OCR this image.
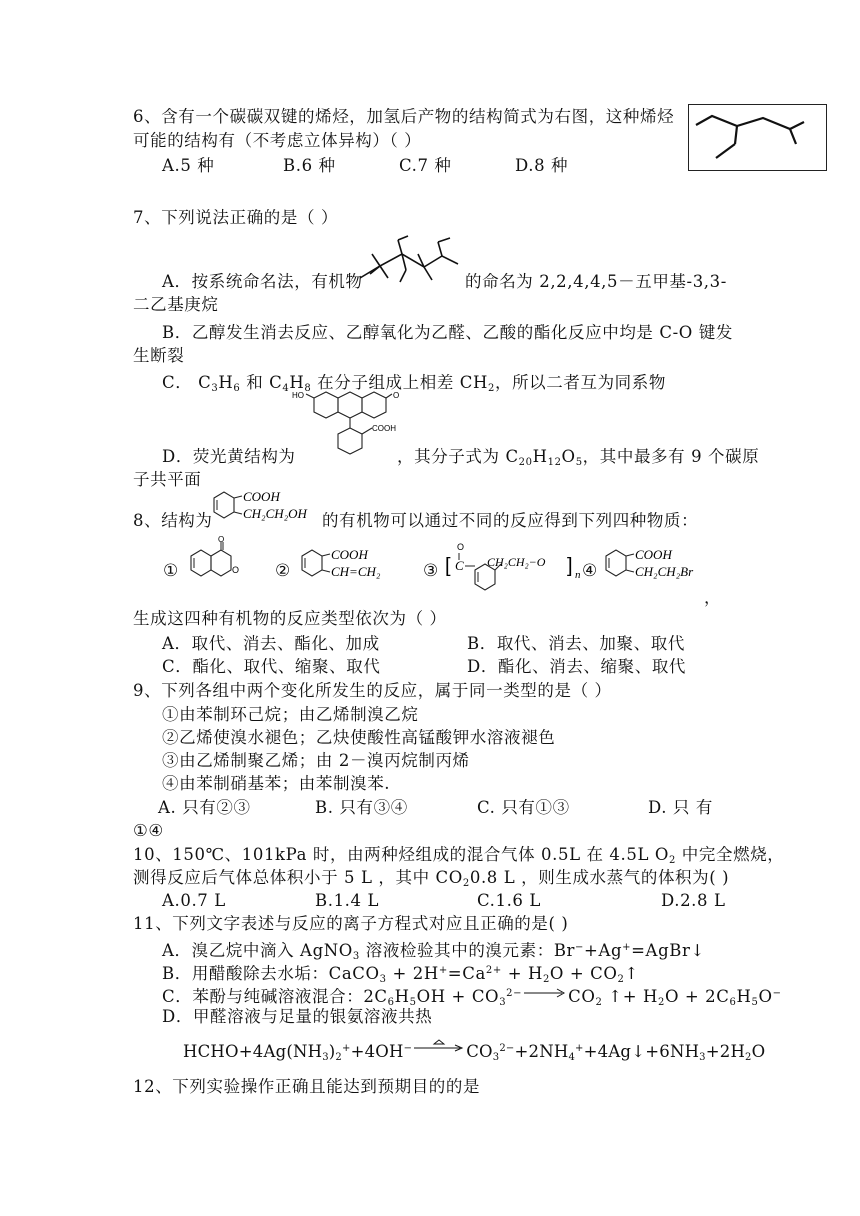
6、含有一个碳碳双键的烯烃，加氢后产物的结构简式为右图，这种烯烃
可能的结构有（不考虑立体异构）（ ）
A.5 种	B.6 种	C.7 种	D.8 种
7、下列说法正确的是（ ）
A．按系统命名法，有机物	的命名为 2,2,4,4,5－五甲基-3,3-
二乙基庚烷
B．乙醇发生消去反应、乙醇氧化为乙醛、乙酸的酯化反应中均是 C-O 键发
生断裂
C． $C_3H_6$ 和 $C_4H_8$ 在分子组成上相差 $CH_2$，所以二者互为同系物
HO	O
COOH
D．荧光黄结构为	，其分子式为 $C_{20}H_{12}O_5$，其中最多有 9 个碳原
子共平面
8、结构为
COOH
CH₂CH₂OH 的有机物可以通过不同的反应得到下列四种物质：
①
O
O ②
COOH
CH=CH₂	③ [
O
C CH₂CH₂−O ] n ④
COOH
CH₂CH₂Br
，
生成这四种有机物的反应类型依次为（ ）
A．取代、消去、酯化、加成	B．取代、消去、加聚、取代
C．酯化、取代、缩聚、取代	D．酯化、消去、缩聚、取代
9、下列各组中两个变化所发生的反应，属于同一类型的是（ ）
①由苯制环己烷；由乙烯制溴乙烷
②乙烯使溴水褪色；乙炔使酸性高锰酸钾水溶液褪色
③由乙烯制聚乙烯；由 2－溴丙烷制丙烯
④由苯制硝基苯；由苯制溴苯.
A. 只有②③	B. 只有③④	C. 只有①③	D. 只 有
①④
10、150℃、101kPa 时，由两种烃组成的混合气体 0.5L 在 4.5L $O_2$ 中完全燃烧，
测得反应后气体总体积小于 5 L ，其中 $CO_20.8$ L ，则生成水蒸气的体积为( )
A.0.7 L	B.1.4 L	C.1.6 L	D.2.8 L
11、下列文字表述与反应的离子方程式对应且正确的是( )
A．溴乙烷中滴入 AgNO$_3$ 溶液检验其中的溴元素：Br−+Ag+=AgBr↓
B．用醋酸除去水垢：CaCO$_3$ + $2H^+=Ca^{2+} + H_2O$ + $CO_2↑$
C．苯酚与纯碱溶液混合：$2C_6H_5OH + CO_3^{2-} \to CO_2$ ↑+ $H_2O + 2C_6H_5O^-$
D．甲醛溶液与足量的银氨溶液共热
$HCHO+4Ag(NH_3)_2^++4OH^-$	$CO_3^{2-}+2NH_4^++4Ag↓+6NH_3+2H_2O$
12、下列实验操作正确且能达到预期目的的是
